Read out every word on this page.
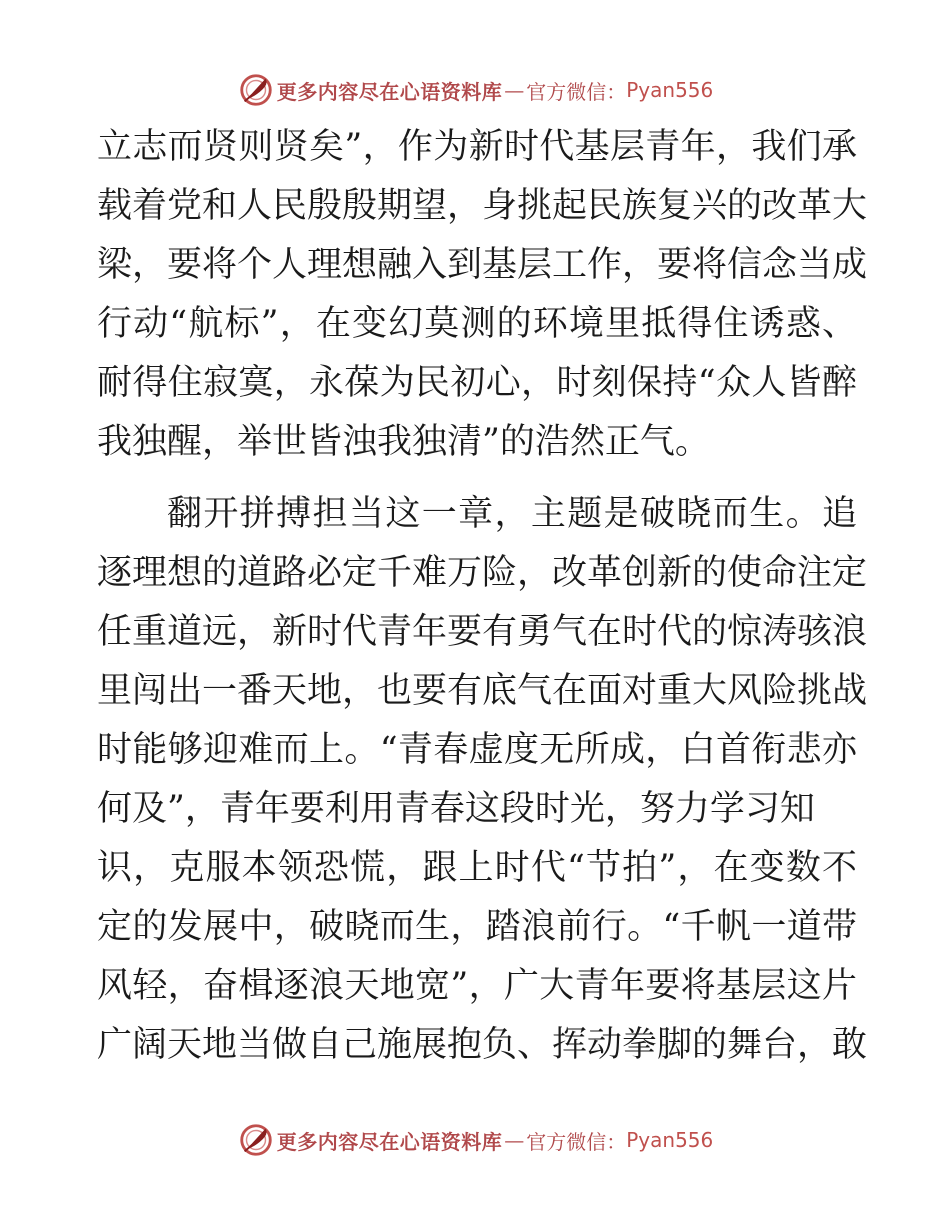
更多内容尽在心语资料库 — 官方微信： Pyan556
立志而贤则贤矣”，作为新时代基层青年，我们承
载着党和人民殷殷期望，身挑起民族复兴的改革大
梁，要将个人理想融入到基层工作，要将信念当成
行动“航标”，在变幻莫测的环境里抵得住诱惑、
耐得住寂寞，永葆为民初心，时刻保持“众人皆醉
我独醒，举世皆浊我独清”的浩然正气。
翻开拼搏担当这一章，主题是破晓而生。追
逐理想的道路必定千难万险，改革创新的使命注定
任重道远，新时代青年要有勇气在时代的惊涛骇浪
里闯出一番天地，也要有底气在面对重大风险挑战
时能够迎难而上。“青春虚度无所成，白首衔悲亦
何及”，青年要利用青春这段时光，努力学习知
识，克服本领恐慌，跟上时代“节拍”，在变数不
定的发展中，破晓而生，踏浪前行。“千帆一道带
风轻，奋楫逐浪天地宽”，广大青年要将基层这片
广阔天地当做自己施展抱负、挥动拳脚的舞台，敢
更多内容尽在心语资料库 — 官方微信： Pyan556
